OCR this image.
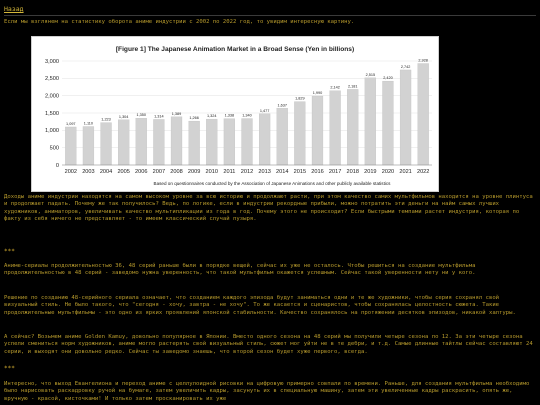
Назад

Если мы взглянем на статистику оборота аниме индустрии с 2002 по 2022 год, то увидим интересную картину.

[Figure 1] The Japanese Animation Market in a Broad Sense (Yen in billions)
1,097 1,110
1,223
1,304 1,350 1,314
1,389
1,266
1,324 1,338 1,340
1,477
1,637
1,829
1,990
2,142 2,181
2,515
2,420
2,742
2,928
2002 2003 2004 2005 2006 2007 2008 2009 2010 2011 2012 2013 2014 2015 2016 2017 2018 2019 2020 2021 2022
0
500
1,000
1,500
2,000
2,500
3,000
Based on questionnaires conducted by the Association of Japanese Animations and other publicly available statistics

Доходы аниме индустрии находятся на самом высоком уровне за всю историю и продолжают расти, при этом качество самих мультфильмов находится на уровне плинтуса и продолжает падать. Почему же так получилось? Ведь, по логике, если в индустрии рекордные прибыли, можно потратить эти деньги на найм самых лучших художников, аниматоров, увеличивать качество мультипликации из года в год. Почему этого не происходит? Если быстрыми темпами растет индустрия, которая по факту из себя ничего не представляет - то имеем классический случай пузыря.

***

Аниме-сериалы продолжительностью 36, 48 серий раньше были в порядке вещей, сейчас их уже не осталось. Чтобы решиться на создание мультфильма продолжительностью в 48 серий - заведомо нужна уверенность, что такой мультфильм окажется успешным. Сейчас такой уверенности нету ни у кого.

Решение по созданию 48-серийного сериала означает, что созданием каждого эпизода будут заниматься одни и те же художники, чтобы серия сохранял свой визуальный стиль. Не было такого, что "сегодня - хочу, завтра - не хочу". То же касается и сценаристов, чтобы сохранялась целостность сюжета. Такие продолжительные мультфильмы - это одно из ярких проявлений японской стабильности. Качество сохранялось на протяжении десятков эпизодов, никакой халтуры.

А сейчас? Возьмем аниме Golden Kamuy, довольно популярное в Японии. Вместо одного сезона на 48 серий мы получили четыре сезона по 12. За эти четыре сезона успели смениться норм художников, аниме могло растерять свой визуальный стиль, сюжет мог уйти не в те дебри, и т.д. Самые длинные тайтлы сейчас составляют 24 серии, и выходят они довольно редко. Сейчас ты заведомо знаешь, что второй сезон будет хуже первого, всегда.

***

Интересно, что выход Евангелиона и переход аниме с целлулоидной рисовки на цифровую примерно совпали по времени. Раньше, для создания мультфильма необходимо было нарисовать раскадровку ручой на бумаге, затем увеличить кадры, засунуть их в специальную машину, затем эти увеличенные кадры раскрасить, опять же, вручную - красой, кисточками! И только затем просканировать их уже
